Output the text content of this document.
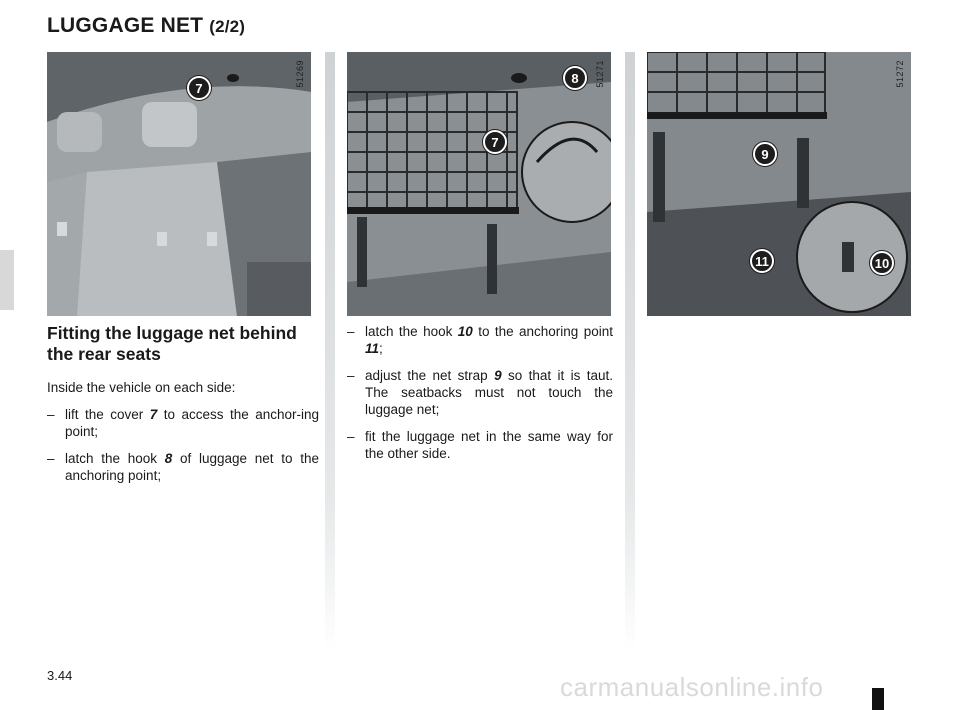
LUGGAGE NET (2/2)
51269
7
51271
8
7
51272
9
11	10
Fitting the luggage net behind the rear seats

Inside the vehicle on each side:

– lift the cover 7 to access the anchor-ing point;
– latch the hook 8 of luggage net to the anchoring point;
– latch the hook 10 to the anchoring point 11;
– adjust the net strap 9 so that it is taut. The seatbacks must not touch the luggage net;
– fit the luggage net in the same way for the other side.
3.44	carmanualsonline.info
